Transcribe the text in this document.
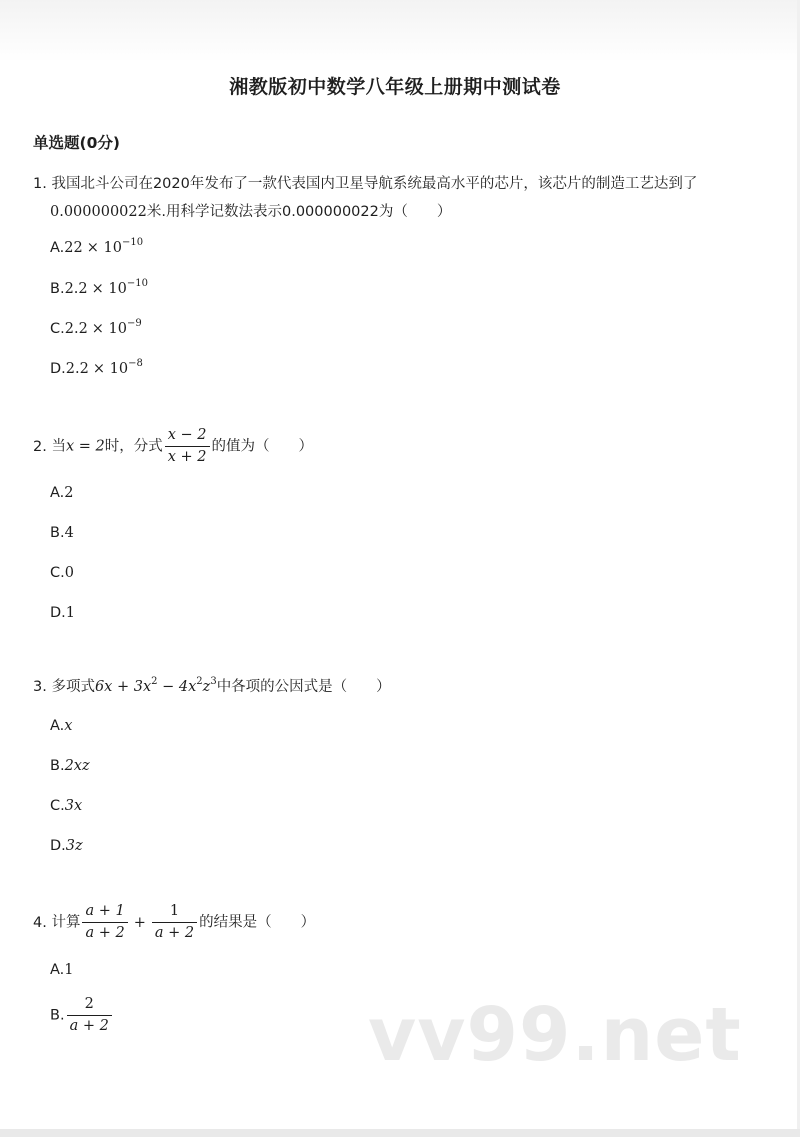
湘教版初中数学八年级上册期中测试卷
单选题(0分)
1. 我国北斗公司在2020年发布了一款代表国内卫星导航系统最高水平的芯片，该芯片的制造工艺达到了
0.000000022米.用科学记数法表示0.000000022为（　　）
$A.22 \times 10^{-10}$
$B.2.2 \times 10^{-10}$
$C.2.2 \times 10^{-9}$
$D.2.2 \times 10^{-8}$
2. 当x = 2时，分式 $\frac{x - 2}{x + 2}$ 的值为（　　）
A.2
B.4
C.0
D.1
3. 多项式$6x + 3x^2 - 4x^2z^3$中各项的公因式是（　　）
A.x
B.2xz
C.3x
D.3z
4. 计算 $\frac{a + 1}{a + 2} + \frac{1}{a + 2}$ 的结果是（　　）
A.1
B. $\frac{2}{a + 2}$	vv99.net
